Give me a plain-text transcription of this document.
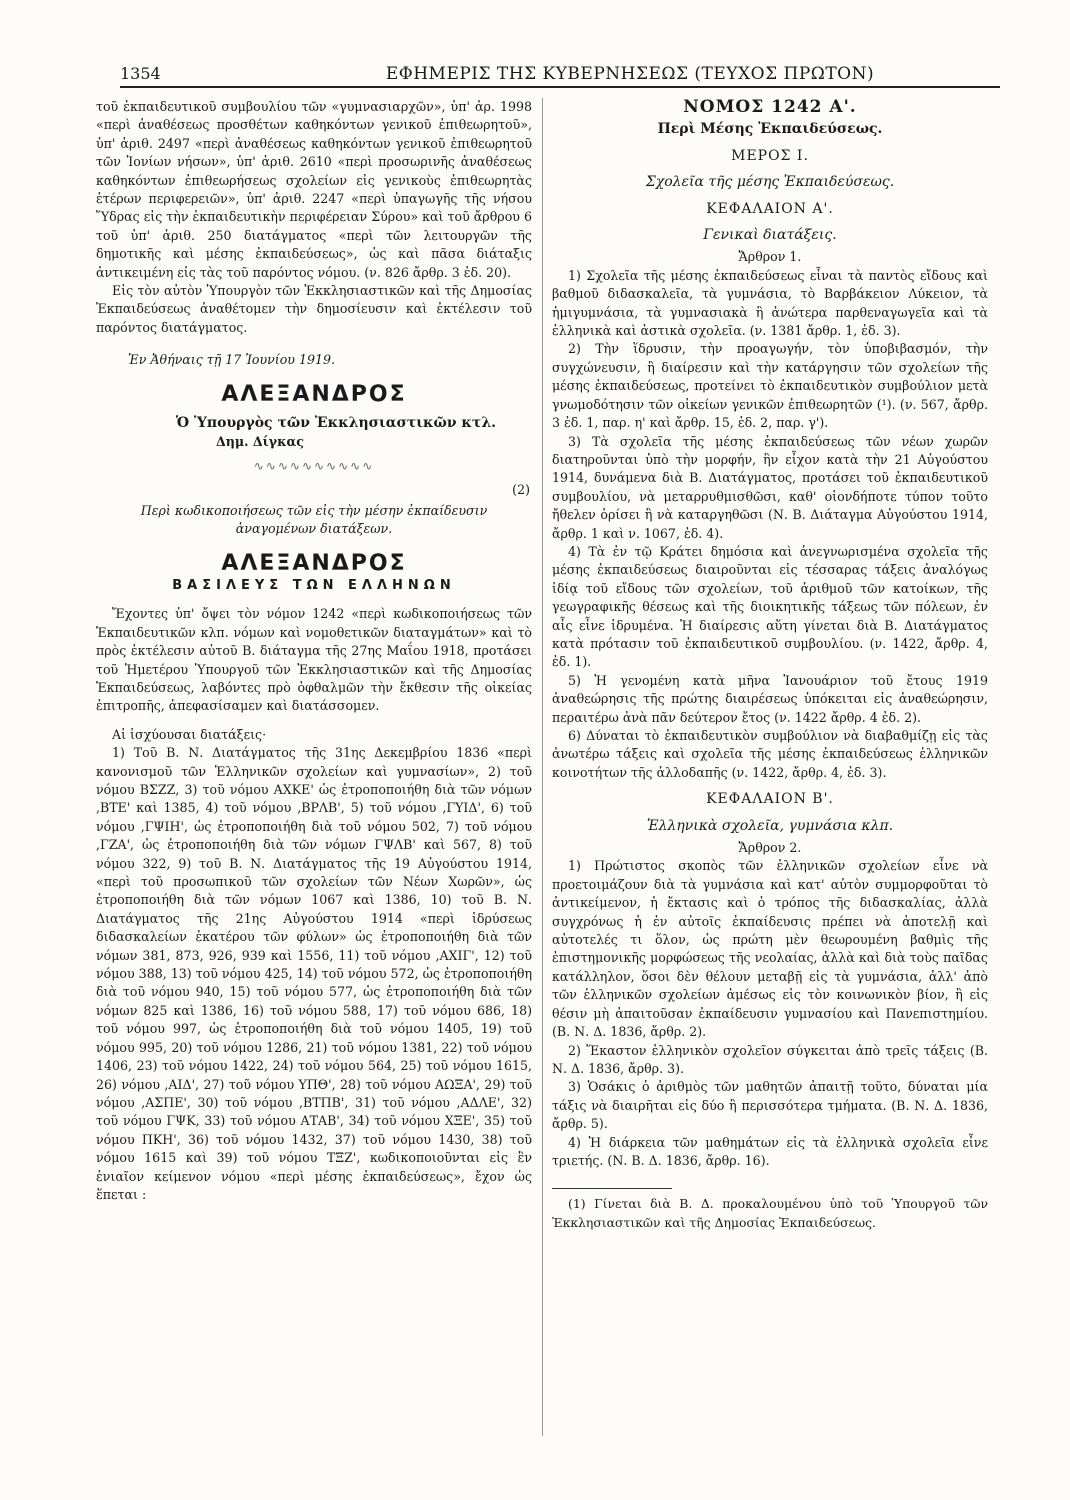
1354	ΕΦΗΜΕΡΙΣ ΤΗΣ ΚΥΒΕΡΝΗΣΕΩΣ (ΤΕΥΧΟΣ ΠΡΩΤΟΝ)

τοῦ ἐκπαιδευτικοῦ συμβουλίου τῶν «γυμνασιαρχῶν», ὑπ' ἀρ. 1998 «περὶ ἀναθέσεως προσθέτων καθηκόντων γενικοῦ ἐπιθεωρητοῦ», ὑπ' ἀριθ. 2497 «περὶ ἀναθέσεως καθηκόντων γενικοῦ ἐπιθεωρητοῦ τῶν Ἰονίων νήσων», ὑπ' ἀριθ. 2610 «περὶ προσωρινῆς ἀναθέσεως καθηκόντων ἐπιθεωρήσεως σχολείων εἰς γενικοὺς ἐπιθεωρητὰς ἑτέρων περιφερειῶν», ὑπ' ἀριθ. 2247 «περὶ ὑπαγωγῆς τῆς νήσου Ὕδρας εἰς τὴν ἐκπαιδευτικὴν περιφέρειαν Σύρου» καὶ τοῦ ἄρθρου 6 τοῦ ὑπ' ἀριθ. 250 διατάγματος «περὶ τῶν λειτουργῶν τῆς δημοτικῆς καὶ μέσης ἐκπαιδεύσεως», ὡς καὶ πᾶσα διάταξις ἀντικειμένη εἰς τὰς τοῦ παρόντος νόμου. (ν. 826 ἄρθρ. 3 ἐδ. 20).

Εἰς τὸν αὐτὸν Ὑπουργὸν τῶν Ἐκκλησιαστικῶν καὶ τῆς Δημοσίας Ἐκπαιδεύσεως ἀναθέτομεν τὴν δημοσίευσιν καὶ ἐκτέλεσιν τοῦ παρόντος διατάγματος.

Ἐν Ἀθήναις τῇ 17 Ἰουνίου 1919.

ΑΛΕΞΑΝΔΡΟΣ

Ὁ Ὑπουργὸς τῶν Ἐκκλησιαστικῶν κτλ.

Δημ. Δίγκας

∿∿∿∿∿∿∿∿∿∿

(2)

Περὶ κωδικοποιήσεως τῶν εἰς τὴν μέσην ἐκπαίδευσιν ἀναγομένων διατάξεων.

ΑΛΕΞΑΝΔΡΟΣ

ΒΑΣΙΛΕΥΣ ΤΩΝ ΕΛΛΗΝΩΝ

Ἔχοντες ὑπ' ὄψει τὸν νόμον 1242 «περὶ κωδικοποιήσεως τῶν Ἐκπαιδευτικῶν κλπ. νόμων καὶ νομοθετικῶν διαταγμάτων» καὶ τὸ πρὸς ἐκτέλεσιν αὐτοῦ Β. διάταγμα τῆς 27ης Μαΐου 1918, προτάσει τοῦ Ἡμετέρου Ὑπουργοῦ τῶν Ἐκκλησιαστικῶν καὶ τῆς Δημοσίας Ἐκπαιδεύσεως, λαβόντες πρὸ ὀφθαλμῶν τὴν ἔκθεσιν τῆς οἰκείας ἐπιτροπῆς, ἀπεφασίσαμεν καὶ διατάσσομεν.

Αἱ ἰσχύουσαι διατάξεις·

1) Τοῦ Β. Ν. Διατάγματος τῆς 31ης Δεκεμβρίου 1836 «περὶ κανονισμοῦ τῶν Ἑλληνικῶν σχολείων καὶ γυμνασίων», 2) τοῦ νόμου ΒΣΖΖ, 3) τοῦ νόμου ΑΧΚΕ' ὡς ἐτροποποιήθη διὰ τῶν νόμων ,ΒΤΕ' καὶ 1385, 4) τοῦ νόμου ,ΒΡΛΒ', 5) τοῦ νόμου ,ΓΥΙΔ', 6) τοῦ νόμου ,ΓΨΙΗ', ὡς ἐτροποποιήθη διὰ τοῦ νόμου 502, 7) τοῦ νόμου ,ΓΖΑ', ὡς ἐτροποποιήθη διὰ τῶν νόμων ΓΨΛΒ' καὶ 567, 8) τοῦ νόμου 322, 9) τοῦ Β. Ν. Διατάγματος τῆς 19 Αὐγούστου 1914, «περὶ τοῦ προσωπικοῦ τῶν σχολείων τῶν Νέων Χωρῶν», ὡς ἐτροποποιήθη διὰ τῶν νόμων 1067 καὶ 1386, 10) τοῦ Β. Ν. Διατάγματος τῆς 21ης Αὐγούστου 1914 «περὶ ἱδρύσεως διδασκαλείων ἑκατέρου τῶν φύλων» ὡς ἐτροποποιήθη διὰ τῶν νόμων 381, 873, 926, 939 καὶ 1556, 11) τοῦ νόμου ,ΑΧΙΓ', 12) τοῦ νόμου 388, 13) τοῦ νόμου 425, 14) τοῦ νόμου 572, ὡς ἐτροποποιήθη διὰ τοῦ νόμου 940, 15) τοῦ νόμου 577, ὡς ἐτροποποιήθη διὰ τῶν νόμων 825 καὶ 1386, 16) τοῦ νόμου 588, 17) τοῦ νόμου 686, 18) τοῦ νόμου 997, ὡς ἐτροποποιήθη διὰ τοῦ νόμου 1405, 19) τοῦ νόμου 995, 20) τοῦ νόμου 1286, 21) τοῦ νόμου 1381, 22) τοῦ νόμου 1406, 23) τοῦ νόμου 1422, 24) τοῦ νόμου 564, 25) τοῦ νόμου 1615, 26) νόμου ,ΑΙΔ', 27) τοῦ νόμου ΥΠΘ', 28) τοῦ νόμου ΑΩΞΑ', 29) τοῦ νόμου ,ΑΣΠΕ', 30) τοῦ νόμου ,ΒΤΠΒ', 31) τοῦ νόμου ,ΑΔΛΕ', 32) τοῦ νόμου ΓΨΚ, 33) τοῦ νόμου ΑΤΑΒ', 34) τοῦ νόμου ΧΞΕ', 35) τοῦ νόμου ΠΚΗ', 36) τοῦ νόμου 1432, 37) τοῦ νόμου 1430, 38) τοῦ νόμου 1615 καὶ 39) τοῦ νόμου ΤΞΖ', κωδικοποιοῦνται εἰς ἓν ἑνιαῖον κείμενον νόμου «περὶ μέσης ἐκπαιδεύσεως», ἔχον ὡς ἕπεται :

ΝΟΜΟΣ 1242 Α'.

Περὶ Μέσης Ἐκπαιδεύσεως.

ΜΕΡΟΣ Ι.

Σχολεῖα τῆς μέσης Ἐκπαιδεύσεως.

ΚΕΦΑΛΑΙΟΝ Α'.

Γενικαὶ διατάξεις.

Ἄρθρον 1.

1) Σχολεῖα τῆς μέσης ἐκπαιδεύσεως εἶναι τὰ παντὸς εἴδους καὶ βαθμοῦ διδασκαλεῖα, τὰ γυμνάσια, τὸ Βαρβάκειον Λύκειον, τὰ ἡμιγυμνάσια, τὰ γυμνασιακὰ ἢ ἀνώτερα παρθεναγωγεῖα καὶ τὰ ἑλληνικὰ καὶ ἀστικὰ σχολεῖα. (ν. 1381 ἄρθρ. 1, ἐδ. 3).

2) Τὴν ἵδρυσιν, τὴν προαγωγήν, τὸν ὑποβιβασμόν, τὴν συγχώνευσιν, ἢ διαίρεσιν καὶ τὴν κατάργησιν τῶν σχολείων τῆς μέσης ἐκπαιδεύσεως, προτείνει τὸ ἐκπαιδευτικὸν συμβούλιον μετὰ γνωμοδότησιν τῶν οἰκείων γενικῶν ἐπιθεωρητῶν (¹). (ν. 567, ἄρθρ. 3 ἐδ. 1, παρ. η' καὶ ἄρθρ. 15, ἐδ. 2, παρ. γ').

3) Τὰ σχολεῖα τῆς μέσης ἐκπαιδεύσεως τῶν νέων χωρῶν διατηροῦνται ὑπὸ τὴν μορφήν, ἣν εἶχον κατὰ τὴν 21 Αὐγούστου 1914, δυνάμενα διὰ Β. Διατάγματος, προτάσει τοῦ ἐκπαιδευτικοῦ συμβουλίου, νὰ μεταρρυθμισθῶσι, καθ' οἱονδήποτε τύπον τοῦτο ἤθελεν ὁρίσει ἢ νὰ καταργηθῶσι (Ν. Β. Διάταγμα Αὐγούστου 1914, ἄρθρ. 1 καὶ ν. 1067, ἐδ. 4).

4) Τὰ ἐν τῷ Κράτει δημόσια καὶ ἀνεγνωρισμένα σχολεῖα τῆς μέσης ἐκπαιδεύσεως διαιροῦνται εἰς τέσσαρας τάξεις ἀναλόγως ἰδίᾳ τοῦ εἴδους τῶν σχολείων, τοῦ ἀριθμοῦ τῶν κατοίκων, τῆς γεωγραφικῆς θέσεως καὶ τῆς διοικητικῆς τάξεως τῶν πόλεων, ἐν αἷς εἶνε ἱδρυμένα. Ἡ διαίρεσις αὕτη γίνεται διὰ Β. Διατάγματος κατὰ πρότασιν τοῦ ἐκπαιδευτικοῦ συμβουλίου. (ν. 1422, ἄρθρ. 4, ἐδ. 1).

5) Ἡ γενομένη κατὰ μῆνα Ἰανουάριον τοῦ ἔτους 1919 ἀναθεώρησις τῆς πρώτης διαιρέσεως ὑπόκειται εἰς ἀναθεώρησιν, περαιτέρω ἀνὰ πᾶν δεύτερον ἔτος (ν. 1422 ἄρθρ. 4 ἐδ. 2).

6) Δύναται τὸ ἐκπαιδευτικὸν συμβούλιον νὰ διαβαθμίζῃ εἰς τὰς ἀνωτέρω τάξεις καὶ σχολεῖα τῆς μέσης ἐκπαιδεύσεως ἑλληνικῶν κοινοτήτων τῆς ἀλλοδαπῆς (ν. 1422, ἄρθρ. 4, ἐδ. 3).

ΚΕΦΑΛΑΙΟΝ Β'.

Ἑλληνικὰ σχολεῖα, γυμνάσια κλπ.

Ἄρθρον 2.

1) Πρώτιστος σκοπὸς τῶν ἑλληνικῶν σχολείων εἶνε νὰ προετοιμάζουν διὰ τὰ γυμνάσια καὶ κατ' αὐτὸν συμμορφοῦται τὸ ἀντικείμενον, ἡ ἔκτασις καὶ ὁ τρόπος τῆς διδασκαλίας, ἀλλὰ συγχρόνως ἡ ἐν αὐτοῖς ἐκπαίδευσις πρέπει νὰ ἀποτελῇ καὶ αὐτοτελές τι ὅλον, ὡς πρώτη μὲν θεωρουμένη βαθμὶς τῆς ἐπιστημονικῆς μορφώσεως τῆς νεολαίας, ἀλλὰ καὶ διὰ τοὺς παῖδας κατάλληλον, ὅσοι δὲν θέλουν μεταβῇ εἰς τὰ γυμνάσια, ἀλλ' ἀπὸ τῶν ἑλληνικῶν σχολείων ἀμέσως εἰς τὸν κοινωνικὸν βίον, ἢ εἰς θέσιν μὴ ἀπαιτοῦσαν ἐκπαίδευσιν γυμνασίου καὶ Πανεπιστημίου. (Β. Ν. Δ. 1836, ἄρθρ. 2).

2) Ἕκαστον ἑλληνικὸν σχολεῖον σύγκειται ἀπὸ τρεῖς τάξεις (Β. Ν. Δ. 1836, ἄρθρ. 3).

3) Ὁσάκις ὁ ἀριθμὸς τῶν μαθητῶν ἀπαιτῇ τοῦτο, δύναται μία τάξις νὰ διαιρῆται εἰς δύο ἢ περισσότερα τμήματα. (Β. Ν. Δ. 1836, ἄρθρ. 5).

4) Ἡ διάρκεια τῶν μαθημάτων εἰς τὰ ἑλληνικὰ σχολεῖα εἶνε τριετής. (Ν. Β. Δ. 1836, ἄρθρ. 16).

(1) Γίνεται διὰ Β. Δ. προκαλουμένου ὑπὸ τοῦ Ὑπουργοῦ τῶν Ἐκκλησιαστικῶν καὶ τῆς Δημοσίας Ἐκπαιδεύσεως.
